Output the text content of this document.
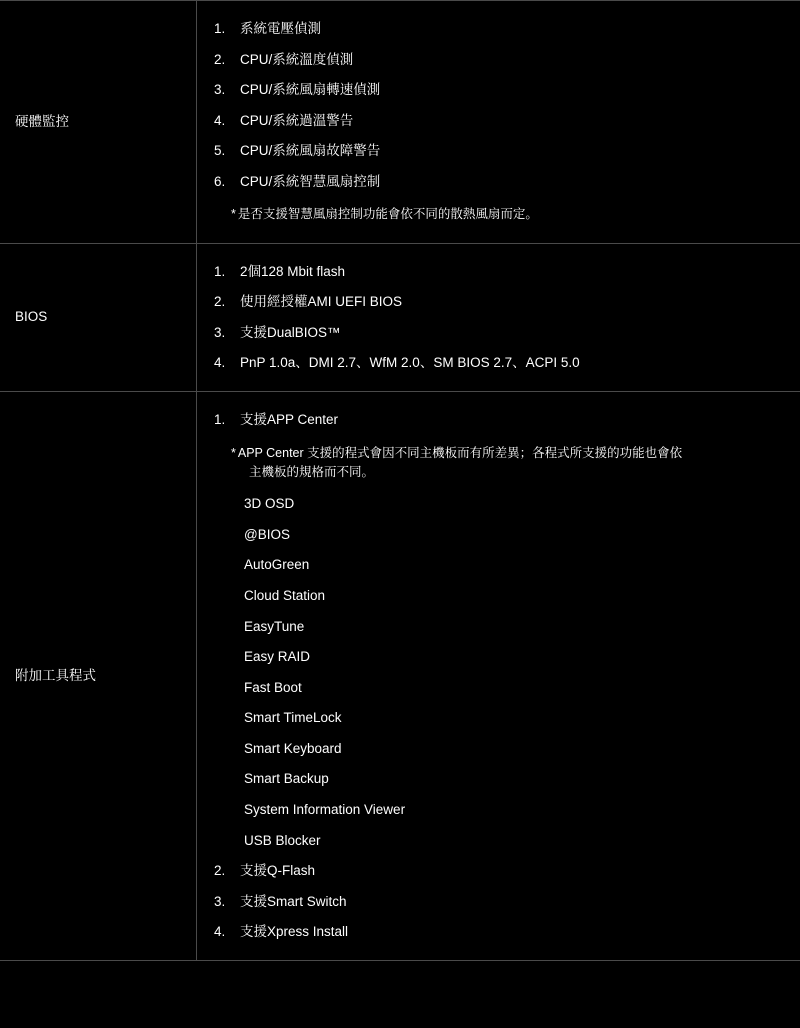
硬體監控	
系統電壓偵測
CPU/系統溫度偵測
CPU/系統風扇轉速偵測
CPU/系統過溫警告
CPU/系統風扇故障警告
CPU/系統智慧風扇控制
* 是否支援智慧風扇控制功能會依不同的散熱風扇而定。

BIOS	
2個128 Mbit flash
使用經授權AMI UEFI BIOS
支援DualBIOS™
PnP 1.0a、DMI 2.7、WfM 2.0、SM BIOS 2.7、ACPI 5.0

附加工具程式	
支援APP Center
* APP Center 支援的程式會因不同主機板而有所差異；各程式所支援的功能也會依
主機板的規格而不同。
3D OSD
@BIOS
AutoGreen
Cloud Station
EasyTune
Easy RAID
Fast Boot
Smart TimeLock
Smart Keyboard
Smart Backup
System Information Viewer
USB Blocker
支援Q-Flash
支援Smart Switch
支援Xpress Install
